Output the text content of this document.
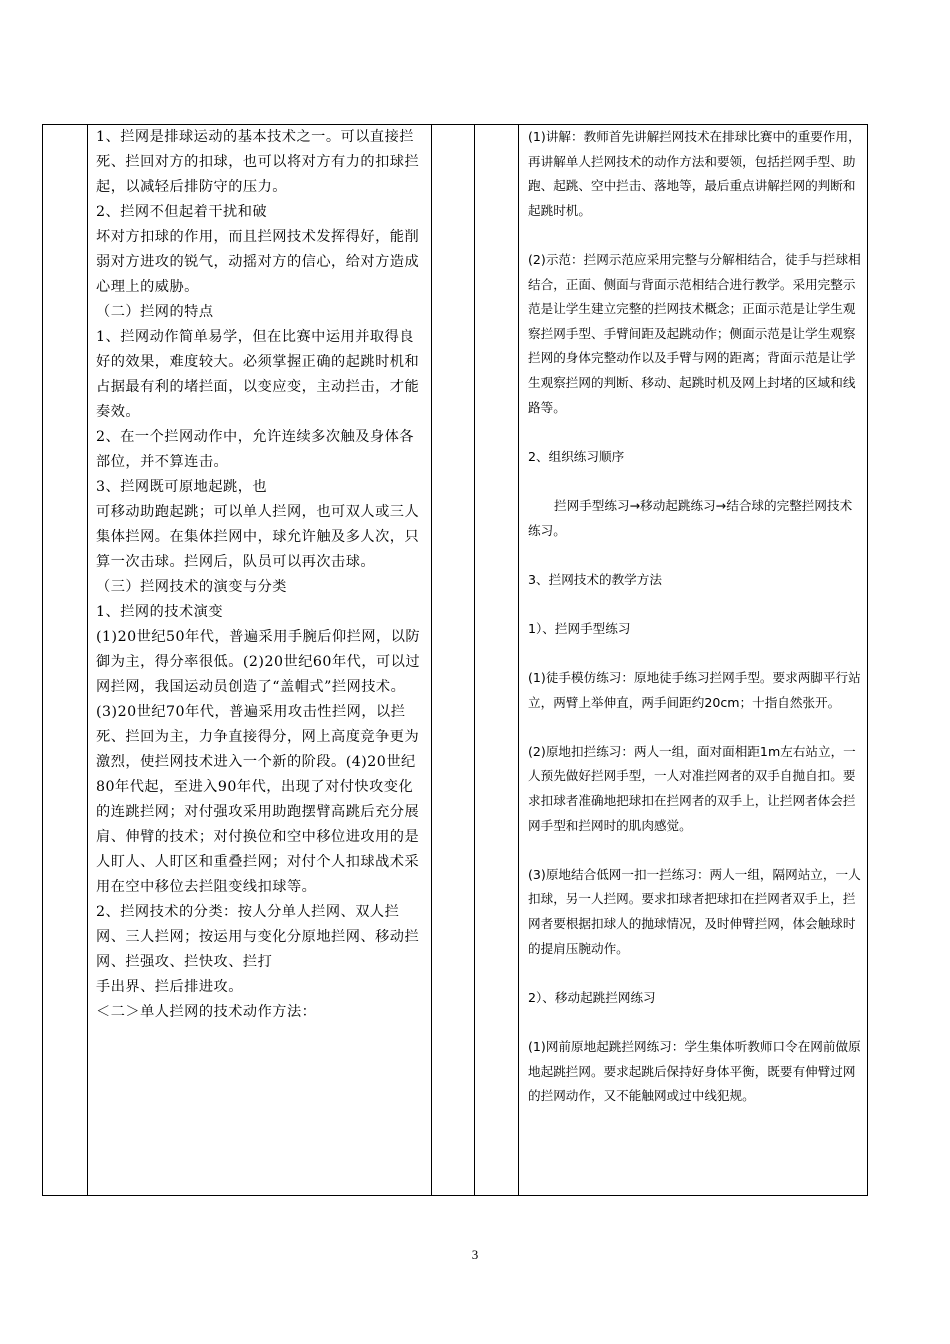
1、拦网是排球运动的基本技术之一。可以直接拦死、拦回对方的扣球，也可以将对方有力的扣球拦起，以减轻后排防守的压力。

2、拦网不但起着干扰和破

坏对方扣球的作用，而且拦网技术发挥得好，能削弱对方进攻的锐气，动摇对方的信心，给对方造成心理上的威胁。

（二）拦网的特点

1、拦网动作简单易学，但在比赛中运用并取得良好的效果，难度较大。必须掌握正确的起跳时机和占据最有利的堵拦面，以变应变，主动拦击，才能奏效。

2、在一个拦网动作中，允许连续多次触及身体各部位，并不算连击。

3、拦网既可原地起跳，也

可移动助跑起跳；可以单人拦网，也可双人或三人集体拦网。在集体拦网中，球允许触及多人次，只算一次击球。拦网后，队员可以再次击球。

（三）拦网技术的演变与分类

1、拦网的技术演变

(1)20世纪50年代，普遍采用手腕后仰拦网，以防御为主，得分率很低。(2)20世纪60年代，可以过网拦网，我国运动员创造了“盖帽式”拦网技术。(3)20世纪70年代，普遍采用攻击性拦网，以拦死、拦回为主，力争直接得分，网上高度竞争更为激烈，使拦网技术进入一个新的阶段。(4)20世纪80年代起，至进入90年代，出现了对付快攻变化的连跳拦网；对付强攻采用助跑摆臂高跳后充分展肩、伸臂的技术；对付换位和空中移位进攻用的是人盯人、人盯区和重叠拦网；对付个人扣球战术采用在空中移位去拦阻变线扣球等。

2、拦网技术的分类：按人分单人拦网、双人拦网、三人拦网；按运用与变化分原地拦网、移动拦网、拦强攻、拦快攻、拦打

手出界、拦后排进攻。

＜二＞单人拦网的技术动作方法：

(1)讲解：教师首先讲解拦网技术在排球比赛中的重要作用，再讲解单人拦网技术的动作方法和要领，包括拦网手型、助跑、起跳、空中拦击、落地等，最后重点讲解拦网的判断和起跳时机。

(2)示范：拦网示范应采用完整与分解相结合，徒手与拦球相结合，正面、侧面与背面示范相结合进行教学。采用完整示范是让学生建立完整的拦网技术概念；正面示范是让学生观察拦网手型、手臂间距及起跳动作；侧面示范是让学生观察拦网的身体完整动作以及手臂与网的距离；背面示范是让学生观察拦网的判断、移动、起跳时机及网上封堵的区域和线路等。

2、组织练习顺序

拦网手型练习→移动起跳练习→结合球的完整拦网技术练习。

3、拦网技术的教学方法

1）、拦网手型练习

(1)徒手模仿练习：原地徒手练习拦网手型。要求两脚平行站立，两臂上举伸直，两手间距约20cm；十指自然张开。

(2)原地扣拦练习：两人一组，面对面相距1m左右站立，一人预先做好拦网手型，一人对准拦网者的双手自抛自扣。要求扣球者准确地把球扣在拦网者的双手上，让拦网者体会拦网手型和拦网时的肌肉感觉。

(3)原地结合低网一扣一拦练习：两人一组，隔网站立，一人扣球，另一人拦网。要求扣球者把球扣在拦网者双手上，拦网者要根据扣球人的抛球情况，及时伸臂拦网，体会触球时的提肩压腕动作。

2）、移动起跳拦网练习

(1)网前原地起跳拦网练习：学生集体听教师口令在网前做原地起跳拦网。要求起跳后保持好身体平衡，既要有伸臂过网的拦网动作，又不能触网或过中线犯规。

3
